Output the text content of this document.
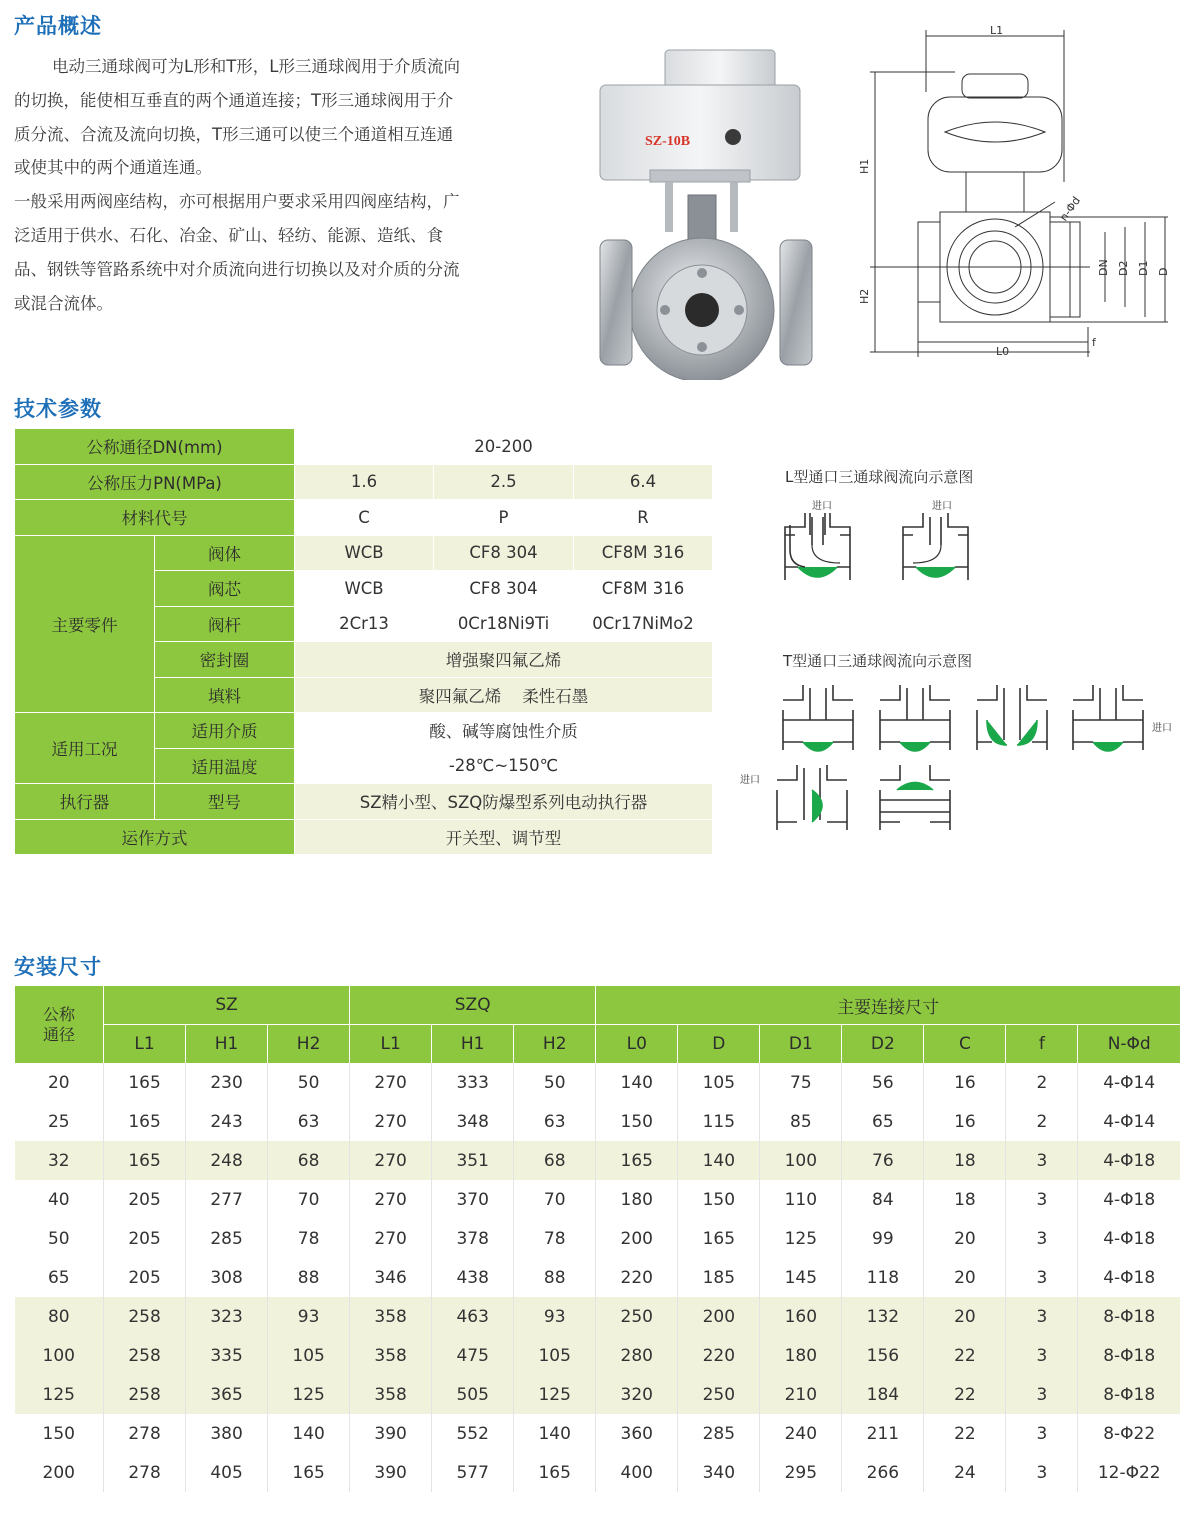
产品概述

电动三通球阀可为L形和T形，L形三通球阀用于介质流向的切换，能使相互垂直的两个通道连接；T形三通球阀用于介质分流、合流及流向切换，T形三通可以使三个通道相互连通或使其中的两个通道连通。

一般采用两阀座结构，亦可根据用户要求采用四阀座结构，广泛适用于供水、石化、冶金、矿山、轻纺、能源、造纸、食品、钢铁等管路系统中对介质流向进行切换以及对介质的分流或混合流体。

SZ-10B
L1
H1
H2
L0
f
DN D2 D1 D
n-Φd
技术参数
公称通径DN(mm)		20-200		
公称压力PN(MPa)		1.6	2.5	6.4
材料代号		C	P	R
主要零件	阀体	WCB	CF8 304	CF8M 316
	阀芯	WCB	CF8 304	CF8M 316
	阀杆	2Cr13	0Cr18Ni9Ti	0Cr17NiMo2
	密封圈	增强聚四氟乙烯		
	填料	聚四氟乙烯    柔性石墨		
适用工况	适用介质	酸、碱等腐蚀性介质		
	适用温度	-28℃~150℃		
执行器	型号	SZ精小型、SZQ防爆型系列电动执行器		
运作方式		开关型、调节型		
L型通口三通球阀流向示意图
T型通口三通球阀流向示意图
进口	进口
进口
进口
安装尺寸
公称
通径	SZ			SZQ			主要连接尺寸						
	L1	H1	H2	L1	H1	H2	L0	D	D1	D2	C	f	N-Φd
20	165	230	50	270	333	50	140	105	75	56	16	2	4-Φ14
25	165	243	63	270	348	63	150	115	85	65	16	2	4-Φ14
32	165	248	68	270	351	68	165	140	100	76	18	3	4-Φ18
40	205	277	70	270	370	70	180	150	110	84	18	3	4-Φ18
50	205	285	78	270	378	78	200	165	125	99	20	3	4-Φ18
65	205	308	88	346	438	88	220	185	145	118	20	3	4-Φ18
80	258	323	93	358	463	93	250	200	160	132	20	3	8-Φ18
100	258	335	105	358	475	105	280	220	180	156	22	3	8-Φ18
125	258	365	125	358	505	125	320	250	210	184	22	3	8-Φ18
150	278	380	140	390	552	140	360	285	240	211	22	3	8-Φ22
200	278	405	165	390	577	165	400	340	295	266	24	3	12-Φ22
